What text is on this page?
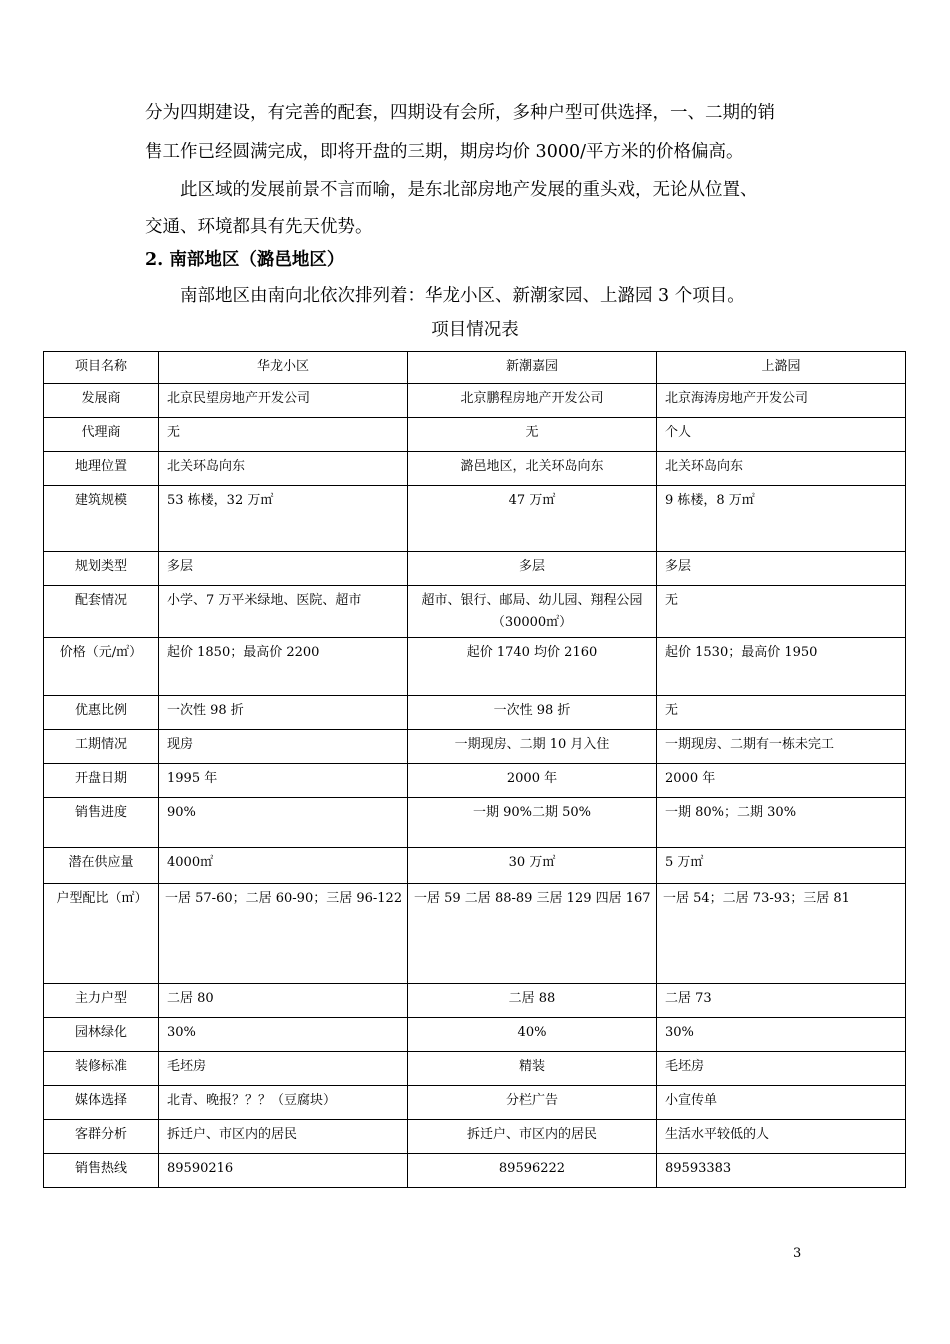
分为四期建设，有完善的配套，四期设有会所，多种户型可供选择，一、二期的销
售工作已经圆满完成，即将开盘的三期，期房均价 3000/平方米的价格偏高。
此区域的发展前景不言而喻，是东北部房地产发展的重头戏，无论从位置、
交通、环境都具有先天优势。
2. 南部地区（潞邑地区）
南部地区由南向北依次排列着：华龙小区、新潮家园、上潞园 3 个项目。
项目情况表
项目名称	华龙小区	新潮嘉园	上潞园
发展商	北京民望房地产开发公司	北京鹏程房地产开发公司	北京海涛房地产开发公司
代理商	无	无	个人
地理位置	北关环岛向东	潞邑地区，北关环岛向东	北关环岛向东
建筑规模	53 栋楼，32 万㎡	47 万㎡	9 栋楼，8 万㎡
规划类型	多层	多层	多层
配套情况	小学、7 万平米绿地、医院、超市	超市、银行、邮局、幼儿园、翔程公园（30000㎡）	无
价格（元/㎡）	起价 1850；最高价 2200	起价 1740 均价 2160	起价 1530；最高价 1950
优惠比例	一次性 98 折	一次性 98 折	无
工期情况	现房	一期现房、二期 10 月入住	一期现房、二期有一栋未完工
开盘日期	1995 年	2000 年	2000 年
销售进度	90%	一期 90%二期 50%	一期 80%；二期 30%
潜在供应量	4000㎡	30 万㎡	5 万㎡
户型配比（㎡）	一居 57-60；二居 60-90；三居 96-122	一居 59 二居 88-89 三居 129 四居 167	一居 54；二居 73-93；三居 81
主力户型	二居 80	二居 88	二居 73
园林绿化	30%	40%	30%
装修标准	毛坯房	精装	毛坯房
媒体选择	北青、晚报？？？（豆腐块）	分栏广告	小宣传单
客群分析	拆迁户、市区内的居民	拆迁户、市区内的居民	生活水平较低的人
销售热线	89590216	89596222	89593383
3
